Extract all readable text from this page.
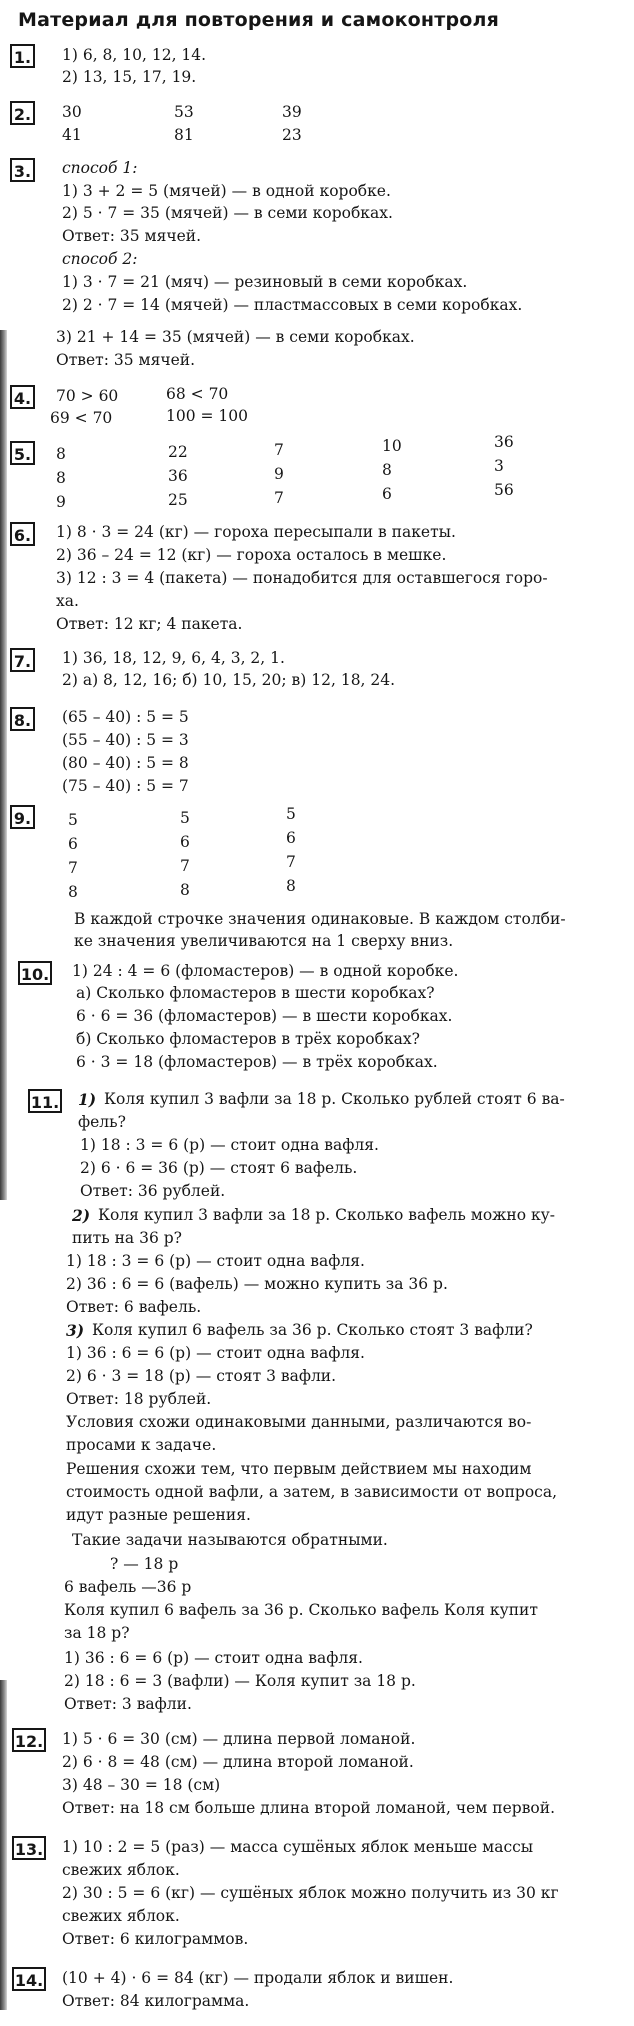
Материал для повторения и самоконтроля
1. 1) 6, 8, 10, 12, 14.
2) 13, 15, 17, 19.
2. 30	53	39
41	81	23
3. способ 1:
1) 3 + 2 = 5 (мячей) — в одной коробке.
2) 5 · 7 = 35 (мячей) — в семи коробках.
Ответ: 35 мячей.
способ 2:
1) 3 · 7 = 21 (мяч) — резиновый в семи коробках.
2) 2 · 7 = 14 (мячей) — пластмассовых в семи коробках.
3) 21 + 14 = 35 (мячей) — в семи коробках.
Ответ: 35 мячей.
4. 70 > 60	68 < 70
69 < 70	100 = 100
5. 8	22	7	10	36
8	36	9	8	3
9	25	7	6	56
6. 1) 8 · 3 = 24 (кг) — гороха пересыпали в пакеты.
2) 36 – 24 = 12 (кг) — гороха осталось в мешке.
3) 12 : 3 = 4 (пакета) — понадобится для оставшегося горо-
ха.
Ответ: 12 кг; 4 пакета.
7. 1) 36, 18, 12, 9, 6, 4, 3, 2, 1.
2) а) 8, 12, 16; б) 10, 15, 20; в) 12, 18, 24.
8. (65 – 40) : 5 = 5
(55 – 40) : 5 = 3
(80 – 40) : 5 = 8
(75 – 40) : 5 = 7
9. 5	5	5
6	6	6
7	7	7
8	8	8
В каждой строчке значения одинаковые. В каждом столби-
ке значения увеличиваются на 1 сверху вниз.
10. 1) 24 : 4 = 6 (фломастеров) — в одной коробке.
а) Сколько фломастеров в шести коробках?
6 · 6 = 36 (фломастеров) — в шести коробках.
б) Сколько фломастеров в трёх коробках?
6 · 3 = 18 (фломастеров) — в трёх коробках.
11. 1) Коля купил 3 вафли за 18 р. Сколько рублей стоят 6 ва-
фель?
1) 18 : 3 = 6 (р) — стоит одна вафля.
2) 6 · 6 = 36 (р) — стоят 6 вафель.
Ответ: 36 рублей.
2) Коля купил 3 вафли за 18 р. Сколько вафель можно ку-
пить на 36 р?
1) 18 : 3 = 6 (р) — стоит одна вафля.
2) 36 : 6 = 6 (вафель) — можно купить за 36 р.
Ответ: 6 вафель.
3) Коля купил 6 вафель за 36 р. Сколько стоят 3 вафли?
1) 36 : 6 = 6 (р) — стоит одна вафля.
2) 6 · 3 = 18 (р) — стоят 3 вафли.
Ответ: 18 рублей.
Условия схожи одинаковыми данными, различаются во-
просами к задаче.
Решения схожи тем, что первым действием мы находим
стоимость одной вафли, а затем, в зависимости от вопроса,
идут разные решения.
Такие задачи называются обратными.
? — 18 р
6 вафель —36 р
Коля купил 6 вафель за 36 р. Сколько вафель Коля купит
за 18 р?
1) 36 : 6 = 6 (р) — стоит одна вафля.
2) 18 : 6 = 3 (вафли) — Коля купит за 18 р.
Ответ: 3 вафли.
12. 1) 5 · 6 = 30 (см) — длина первой ломаной.
2) 6 · 8 = 48 (см) — длина второй ломаной.
3) 48 – 30 = 18 (см)
Ответ: на 18 см больше длина второй ломаной, чем первой.
13. 1) 10 : 2 = 5 (раз) — масса сушёных яблок меньше массы
свежих яблок.
2) 30 : 5 = 6 (кг) — сушёных яблок можно получить из 30 кг
свежих яблок.
Ответ: 6 килограммов.
14. (10 + 4) · 6 = 84 (кг) — продали яблок и вишен.
Ответ: 84 килограмма.
